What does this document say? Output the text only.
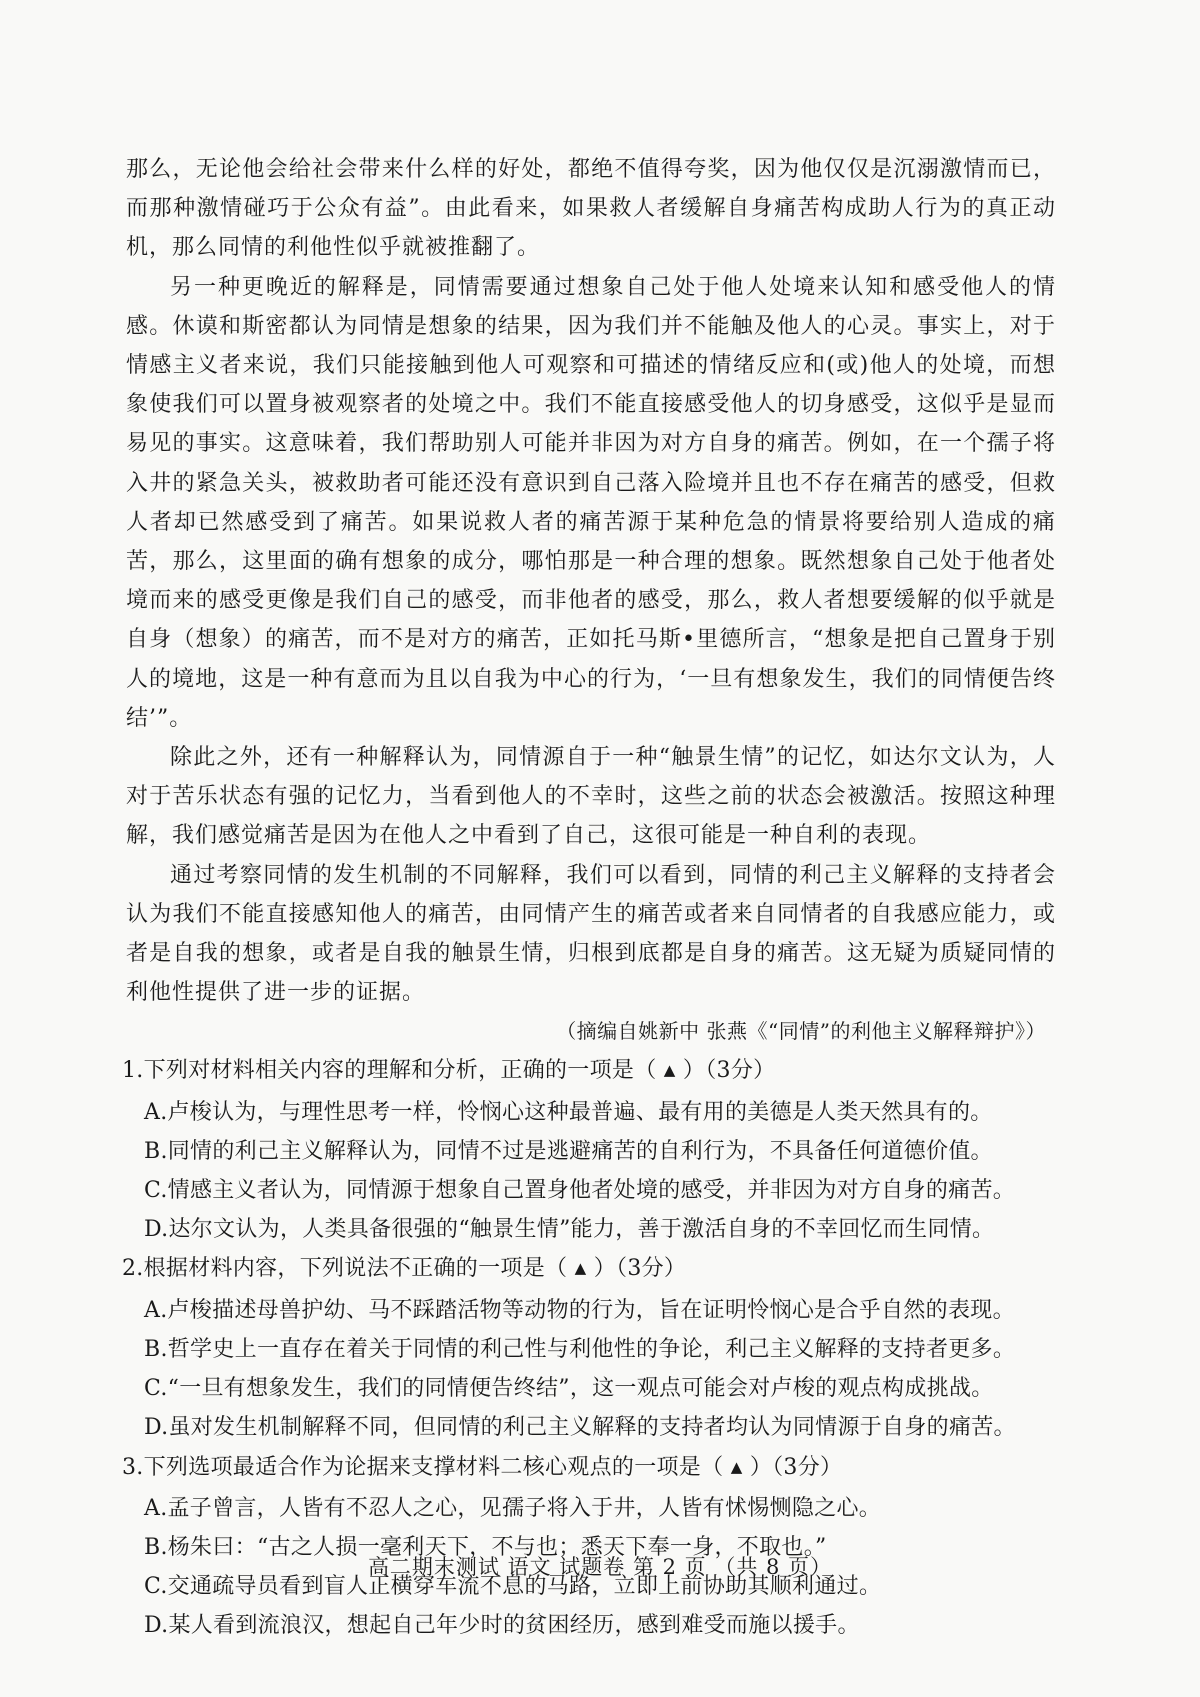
那么，无论他会给社会带来什么样的好处，都绝不值得夸奖，因为他仅仅是沉溺激情而已，而那种激情碰巧于公众有益”。由此看来，如果救人者缓解自身痛苦构成助人行为的真正动机，那么同情的利他性似乎就被推翻了。

另一种更晚近的解释是，同情需要通过想象自己处于他人处境来认知和感受他人的情感。休谟和斯密都认为同情是想象的结果，因为我们并不能触及他人的心灵。事实上，对于情感主义者来说，我们只能接触到他人可观察和可描述的情绪反应和(或)他人的处境，而想象使我们可以置身被观察者的处境之中。我们不能直接感受他人的切身感受，这似乎是显而易见的事实。这意味着，我们帮助别人可能并非因为对方自身的痛苦。例如，在一个孺子将入井的紧急关头，被救助者可能还没有意识到自己落入险境并且也不存在痛苦的感受，但救人者却已然感受到了痛苦。如果说救人者的痛苦源于某种危急的情景将要给别人造成的痛苦，那么，这里面的确有想象的成分，哪怕那是一种合理的想象。既然想象自己处于他者处境而来的感受更像是我们自己的感受，而非他者的感受，那么，救人者想要缓解的似乎就是自身（想象）的痛苦，而不是对方的痛苦，正如托马斯•里德所言，“想象是把自己置身于别人的境地，这是一种有意而为且以自我为中心的行为，‘一旦有想象发生，我们的同情便告终结’”。

除此之外，还有一种解释认为，同情源自于一种“触景生情”的记忆，如达尔文认为，人对于苦乐状态有强的记忆力，当看到他人的不幸时，这些之前的状态会被激活。按照这种理解，我们感觉痛苦是因为在他人之中看到了自己，这很可能是一种自利的表现。

通过考察同情的发生机制的不同解释，我们可以看到，同情的利己主义解释的支持者会认为我们不能直接感知他人的痛苦，由同情产生的痛苦或者来自同情者的自我感应能力，或者是自我的想象，或者是自我的触景生情，归根到底都是自身的痛苦。这无疑为质疑同情的利他性提供了进一步的证据。

（摘编自姚新中 张燕《“同情”的利他主义解释辩护》）

1.下列对材料相关内容的理解和分析，正确的一项是（ ▲ ）（3分）

A.卢梭认为，与理性思考一样，怜悯心这种最普遍、最有用的美德是人类天然具有的。

B.同情的利己主义解释认为，同情不过是逃避痛苦的自利行为，不具备任何道德价值。

C.情感主义者认为，同情源于想象自己置身他者处境的感受，并非因为对方自身的痛苦。

D.达尔文认为，人类具备很强的“触景生情”能力，善于激活自身的不幸回忆而生同情。

2.根据材料内容，下列说法不正确的一项是（ ▲ ）（3分）

A.卢梭描述母兽护幼、马不踩踏活物等动物的行为，旨在证明怜悯心是合乎自然的表现。

B.哲学史上一直存在着关于同情的利己性与利他性的争论，利己主义解释的支持者更多。

C.“一旦有想象发生，我们的同情便告终结”，这一观点可能会对卢梭的观点构成挑战。

D.虽对发生机制解释不同，但同情的利己主义解释的支持者均认为同情源于自身的痛苦。

3.下列选项最适合作为论据来支撑材料二核心观点的一项是（ ▲ ）（3分）

A.孟子曾言，人皆有不忍人之心，见孺子将入于井，人皆有怵惕恻隐之心。

B.杨朱曰：“古之人损一毫利天下，不与也；悉天下奉一身，不取也。”

C.交通疏导员看到盲人正横穿车流不息的马路，立即上前协助其顺利通过。

D.某人看到流浪汉，想起自己年少时的贫困经历，感到难受而施以援手。

高二期末测试 语文 试题卷 第 2 页 （共 8 页）
